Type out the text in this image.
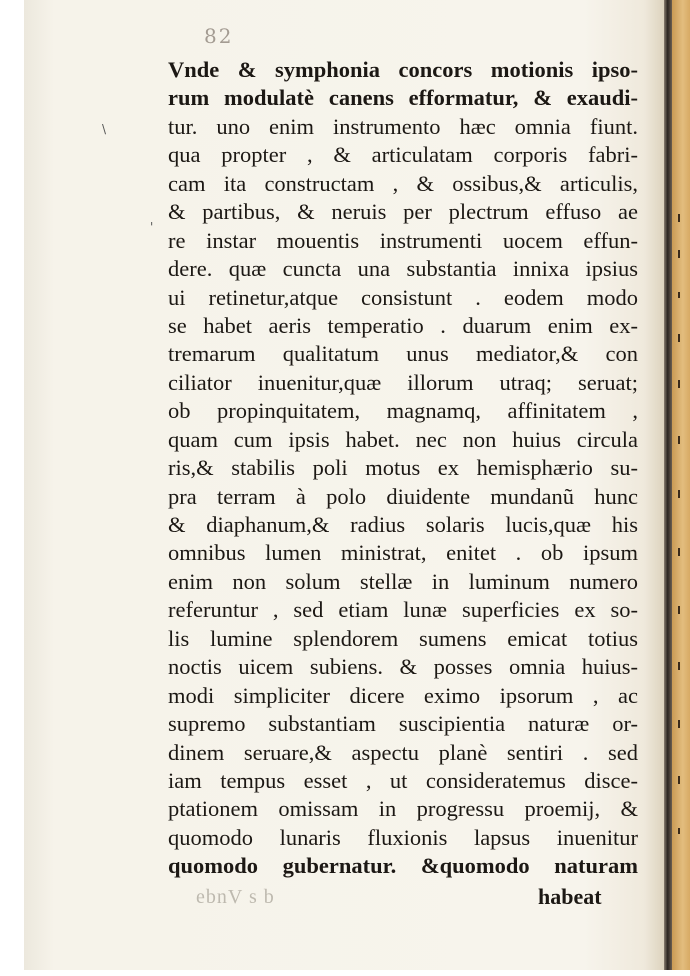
82
\
'
Vnde & symphonia concors motionis ipso-
rum modulatè canens efformatur, & exaudi-
tur. uno enim instrumento hæc omnia fiunt.
qua propter , & articulatam corporis fabri-
cam ita constructam , & ossibus,& articulis,
& partibus, & neruis per plectrum effuso ae
re instar mouentis instrumenti uocem effun-
dere. quæ cuncta una substantia innixa ipsius
ui retinetur,atque consistunt . eodem modo
se habet aeris temperatio . duarum enim ex-
tremarum qualitatum unus mediator,& con
ciliator inuenitur,quæ illorum utraq; seruat;
ob propinquitatem, magnamq, affinitatem ,
quam cum ipsis habet. nec non huius circula
ris,& stabilis poli motus ex hemisphærio su-
pra terram à polo diuidente mundanũ hunc
& diaphanum,& radius solaris lucis,quæ his
omnibus lumen ministrat, enitet . ob ipsum
enim non solum stellæ in luminum numero
referuntur , sed etiam lunæ superficies ex so-
lis lumine splendorem sumens emicat totius
noctis uicem subiens. & posses omnia huius-
modi simpliciter dicere eximo ipsorum , ac
supremo substantiam suscipientia naturæ or-
dinem seruare,& aspectu planè sentiri . sed
iam tempus esset , ut consideratemus disce-
ptationem omissam in progressu proemij, &
quomodo lunaris fluxionis lapsus inuenitur
quomodo gubernatur. &quomodo naturam
ebnV s b	habeat
